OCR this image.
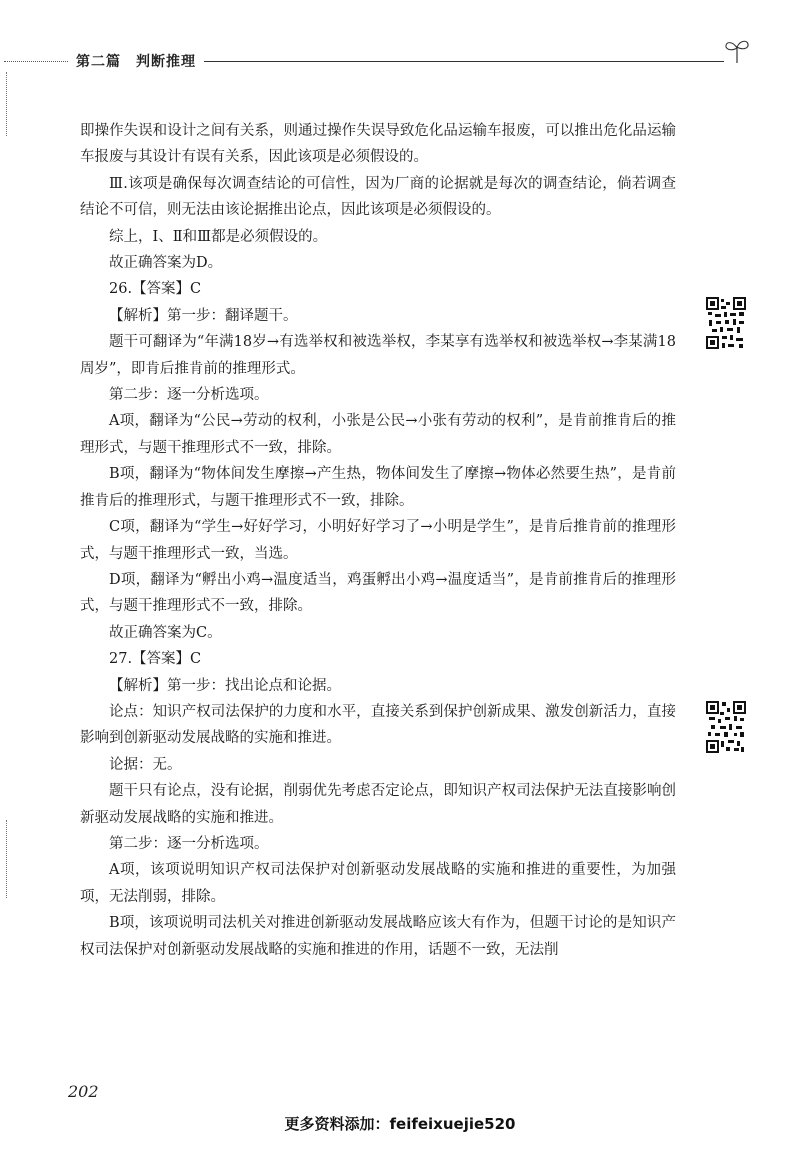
第二篇　判断推理

即操作失误和设计之间有关系，则通过操作失误导致危化品运输车报废，可以推出危化品运输车报废与其设计有误有关系，因此该项是必须假设的。

Ⅲ.该项是确保每次调查结论的可信性，因为厂商的论据就是每次的调查结论，倘若调查结论不可信，则无法由该论据推出论点，因此该项是必须假设的。

综上，Ⅰ、Ⅱ和Ⅲ都是必须假设的。

故正确答案为D。

26.【答案】C

【解析】第一步：翻译题干。

题干可翻译为“年满18岁→有选举权和被选举权，李某享有选举权和被选举权→李某满18周岁”，即肯后推肯前的推理形式。

第二步：逐一分析选项。

A项，翻译为“公民→劳动的权利，小张是公民→小张有劳动的权利”，是肯前推肯后的推理形式，与题干推理形式不一致，排除。

B项，翻译为“物体间发生摩擦→产生热，物体间发生了摩擦→物体必然要生热”，是肯前推肯后的推理形式，与题干推理形式不一致，排除。

C项，翻译为“学生→好好学习，小明好好学习了→小明是学生”，是肯后推肯前的推理形式，与题干推理形式一致，当选。

D项，翻译为“孵出小鸡→温度适当，鸡蛋孵出小鸡→温度适当”，是肯前推肯后的推理形式，与题干推理形式不一致，排除。

故正确答案为C。

27.【答案】C

【解析】第一步：找出论点和论据。

论点：知识产权司法保护的力度和水平，直接关系到保护创新成果、激发创新活力，直接影响到创新驱动发展战略的实施和推进。

论据：无。

题干只有论点，没有论据，削弱优先考虑否定论点，即知识产权司法保护无法直接影响创新驱动发展战略的实施和推进。

第二步：逐一分析选项。

A项，该项说明知识产权司法保护对创新驱动发展战略的实施和推进的重要性，为加强项，无法削弱，排除。

B项，该项说明司法机关对推进创新驱动发展战略应该大有作为，但题干讨论的是知识产权司法保护对创新驱动发展战略的实施和推进的作用，话题不一致，无法削

202
更多资料添加：feifeixuejie520
